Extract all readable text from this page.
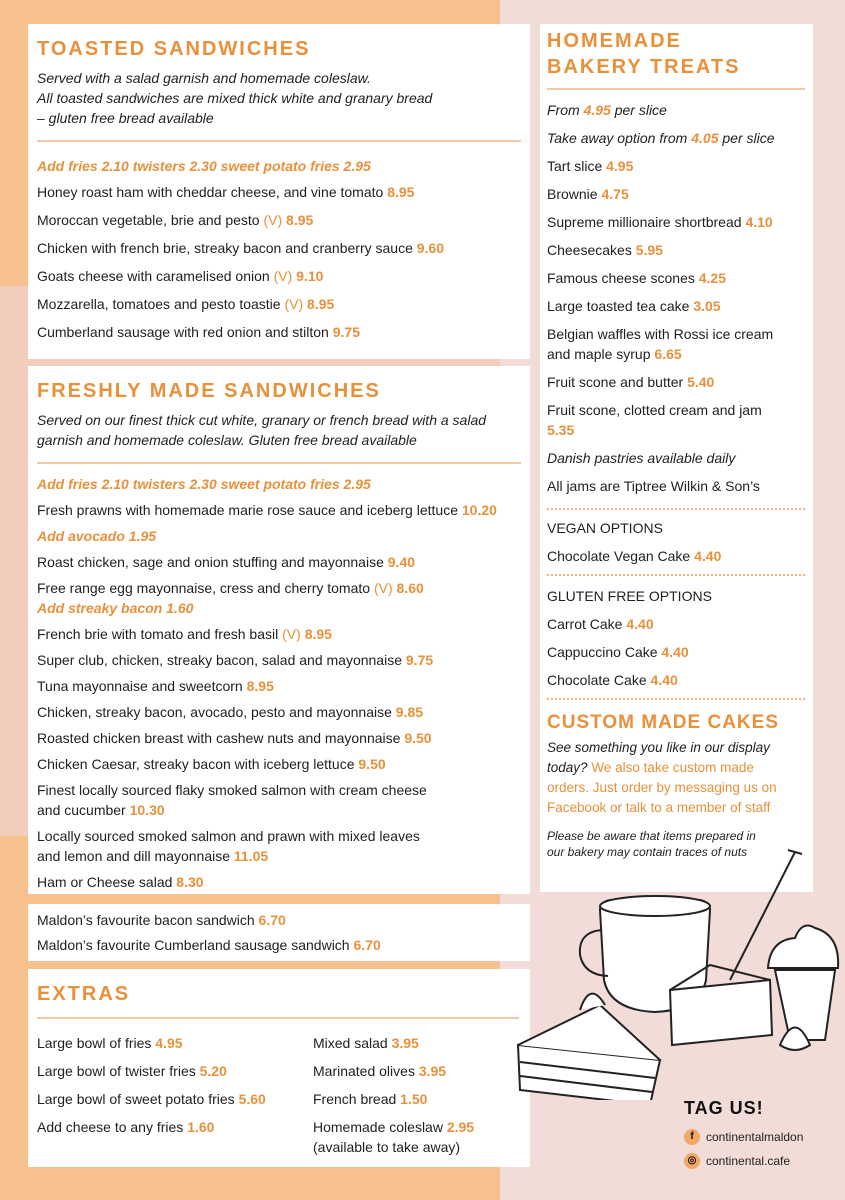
TOASTED SANDWICHES
Served with a salad garnish and homemade coleslaw.
All toasted sandwiches are mixed thick white and granary bread
– gluten free bread available
Add fries 2.10 twisters 2.30 sweet potato fries 2.95
Honey roast ham with cheddar cheese, and vine tomato 8.95
Moroccan vegetable, brie and pesto (V) 8.95
Chicken with french brie, streaky bacon and cranberry sauce 9.60
Goats cheese with caramelised onion (V) 9.10
Mozzarella, tomatoes and pesto toastie (V) 8.95
Cumberland sausage with red onion and stilton 9.75
FRESHLY MADE SANDWICHES
Served on our finest thick cut white, granary or french bread with a salad
garnish and homemade coleslaw. Gluten free bread available
Add fries 2.10 twisters 2.30 sweet potato fries 2.95
Fresh prawns with homemade marie rose sauce and iceberg lettuce 10.20
Add avocado 1.95
Roast chicken, sage and onion stuffing and mayonnaise 9.40
Free range egg mayonnaise, cress and cherry tomato (V) 8.60
Add streaky bacon 1.60
French brie with tomato and fresh basil (V) 8.95
Super club, chicken, streaky bacon, salad and mayonnaise 9.75
Tuna mayonnaise and sweetcorn 8.95
Chicken, streaky bacon, avocado, pesto and mayonnaise 9.85
Roasted chicken breast with cashew nuts and mayonnaise 9.50
Chicken Caesar, streaky bacon with iceberg lettuce 9.50
Finest locally sourced flaky smoked salmon with cream cheese
and cucumber 10.30
Locally sourced smoked salmon and prawn with mixed leaves
and lemon and dill mayonnaise 11.05
Ham or Cheese salad 8.30
Maldon’s favourite bacon sandwich 6.70
Maldon’s favourite Cumberland sausage sandwich 6.70
EXTRAS
Large bowl of fries 4.95
Large bowl of twister fries 5.20
Large bowl of sweet potato fries 5.60
Add cheese to any fries 1.60
Mixed salad 3.95
Marinated olives 3.95
French bread 1.50
Homemade coleslaw 2.95
(available to take away)
HOMEMADE
BAKERY TREATS
From 4.95 per slice
Take away option from 4.05 per slice
Tart slice 4.95
Brownie 4.75
Supreme millionaire shortbread 4.10
Cheesecakes 5.95
Famous cheese scones 4.25
Large toasted tea cake 3.05
Belgian waffles with Rossi ice cream
and maple syrup 6.65
Fruit scone and butter 5.40
Fruit scone, clotted cream and jam
5.35
Danish pastries available daily
All jams are Tiptree Wilkin & Son’s
VEGAN OPTIONS
Chocolate Vegan Cake 4.40
GLUTEN FREE OPTIONS
Carrot Cake 4.40
Cappuccino Cake 4.40
Chocolate Cake 4.40
CUSTOM MADE CAKES
See something you like in our display
today? We also take custom made
orders. Just order by messaging us on
Facebook or talk to a member of staff
Please be aware that items prepared in
our bakery may contain traces of nuts
TAG US!
f	continentalmaldon
◎ continental.cafe
